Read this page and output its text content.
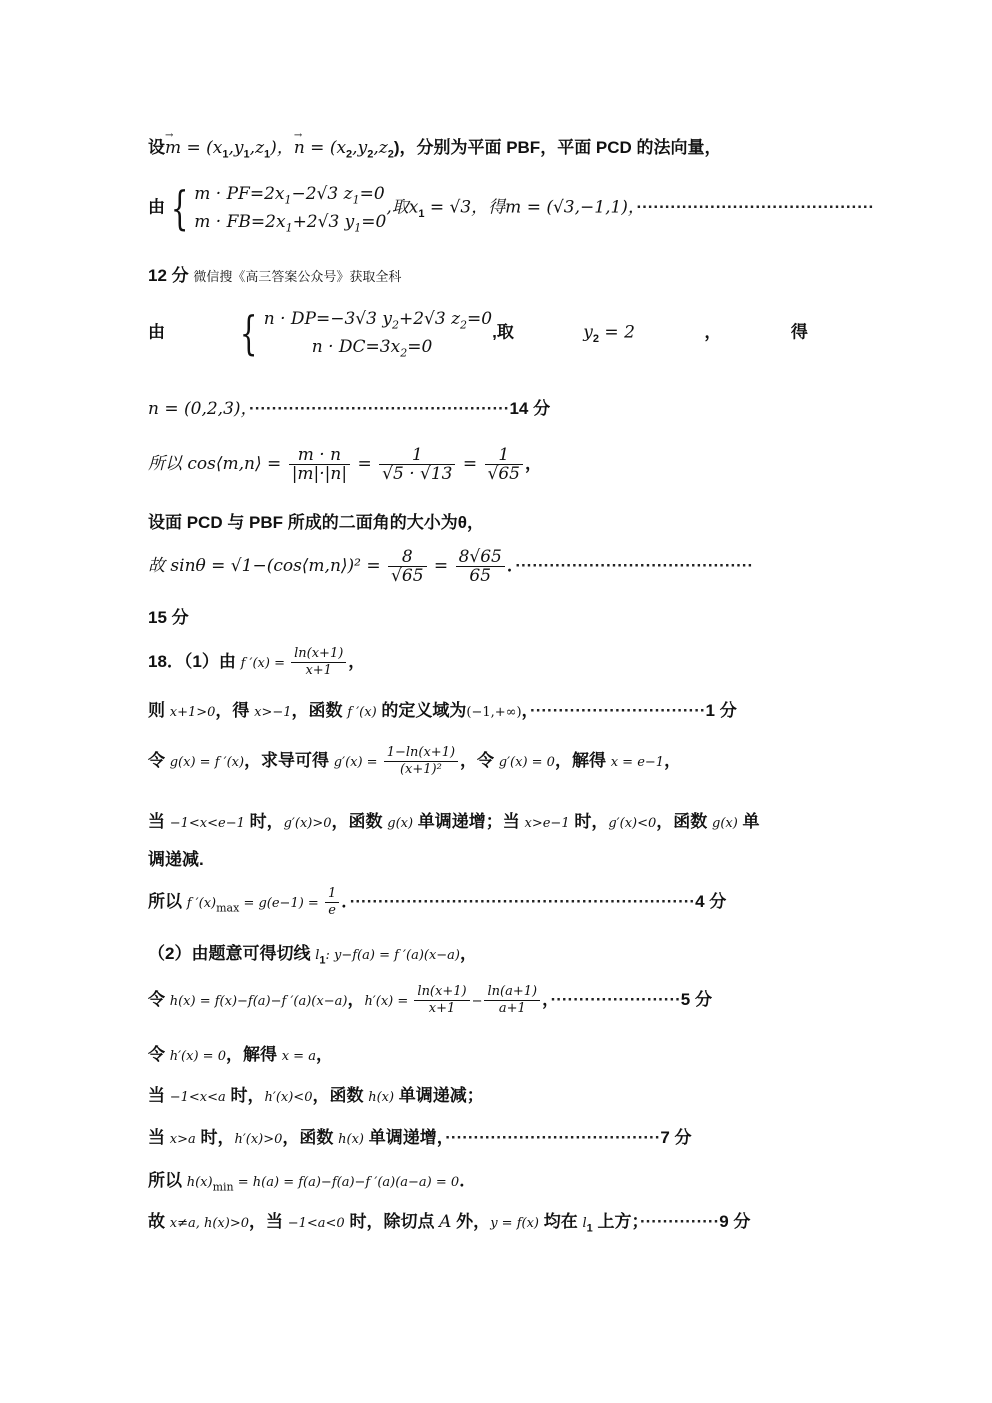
设→ $m = (x_1,y_1,z_1)$，→ $n = (x_2,y_2,z_2)$，分别为平面 PBF，平面 PCD 的法向量，
由 { $m \cdot PF=2x_1-2√3$ $z_1=0$
$m \cdot FB=2x_1+2√3$ $y_1=0$
,取$x_1 = √3$，得m = (√3,−1,1)，··········································
12 分 微信搜《高三答案公众号》获取全科
由 { n · DP=−3√3 $y_2+2√3$ $z_2=0$
$n \cdot DC=3x_2=0$
,取	$y_2 = 2$	，	得
n = (0,2,3)，··············································14 分
所以 cos⟨m,n⟩ = $\frac{m \cdot n}{|m|\cdot|n|} = \frac{1}{√5 \cdot √13} = \frac{1}{√65}$ ，
设面 PCD 与 PBF 所成的二面角的大小为θ，
故 sinθ = √1−(cos⟨m,n⟩)² = $\frac{8}{√65} = \frac{8√65}{65}$ ．··········································
15 分
18．（1）由 f $'(x) = \frac{\ln(x+1)}{x+1}$ ，
则 x+1>0，得 x>−1，函数 f ′(x) 的定义域为(−1,+∞)，·······························1 分
令 g(x) = f ′(x)，求导可得 $g'(x) = \frac{1-\ln(x+1)}{\text{(x+1)²}}$ ，令 g′(x) = 0，解得 x = e−1，
当 −1<x<e−1 时，g′(x)>0，函数 g(x) 单调递增；当 x>e−1 时，g′(x)<0，函数 g(x) 单
调递减.
所以 f $'(x)_{max} = g(e-1) = \frac{1}{e}$ ．·····························································4 分
（2）由题意可得切线 $l_1$: y−f(a) = f ′(a)(x−a)，
令 h(x) = f(x)−f(a)−f ′(a)(x−a)，$h'(x) = \frac{\ln(x+1)}{x+1} - \frac{\ln(a+1)}{a+1}$ ，·······················5 分
令 h′(x) = 0，解得 x = a，
当 −1<x<a 时，h′(x)<0，函数 h(x) 单调递减；
当 x>a 时，h′(x)>0，函数 h(x) 单调递增，······································7 分
所以 $h(x)_{min} = h(a) = f(a)-f(a)-f$ ′(a)(a−a) = 0．
故 x≠a, h(x)>0，当 −1<a<0 时，除切点 A 外，y = f(x) 均在 $l_1$ 上方；··············9 分
